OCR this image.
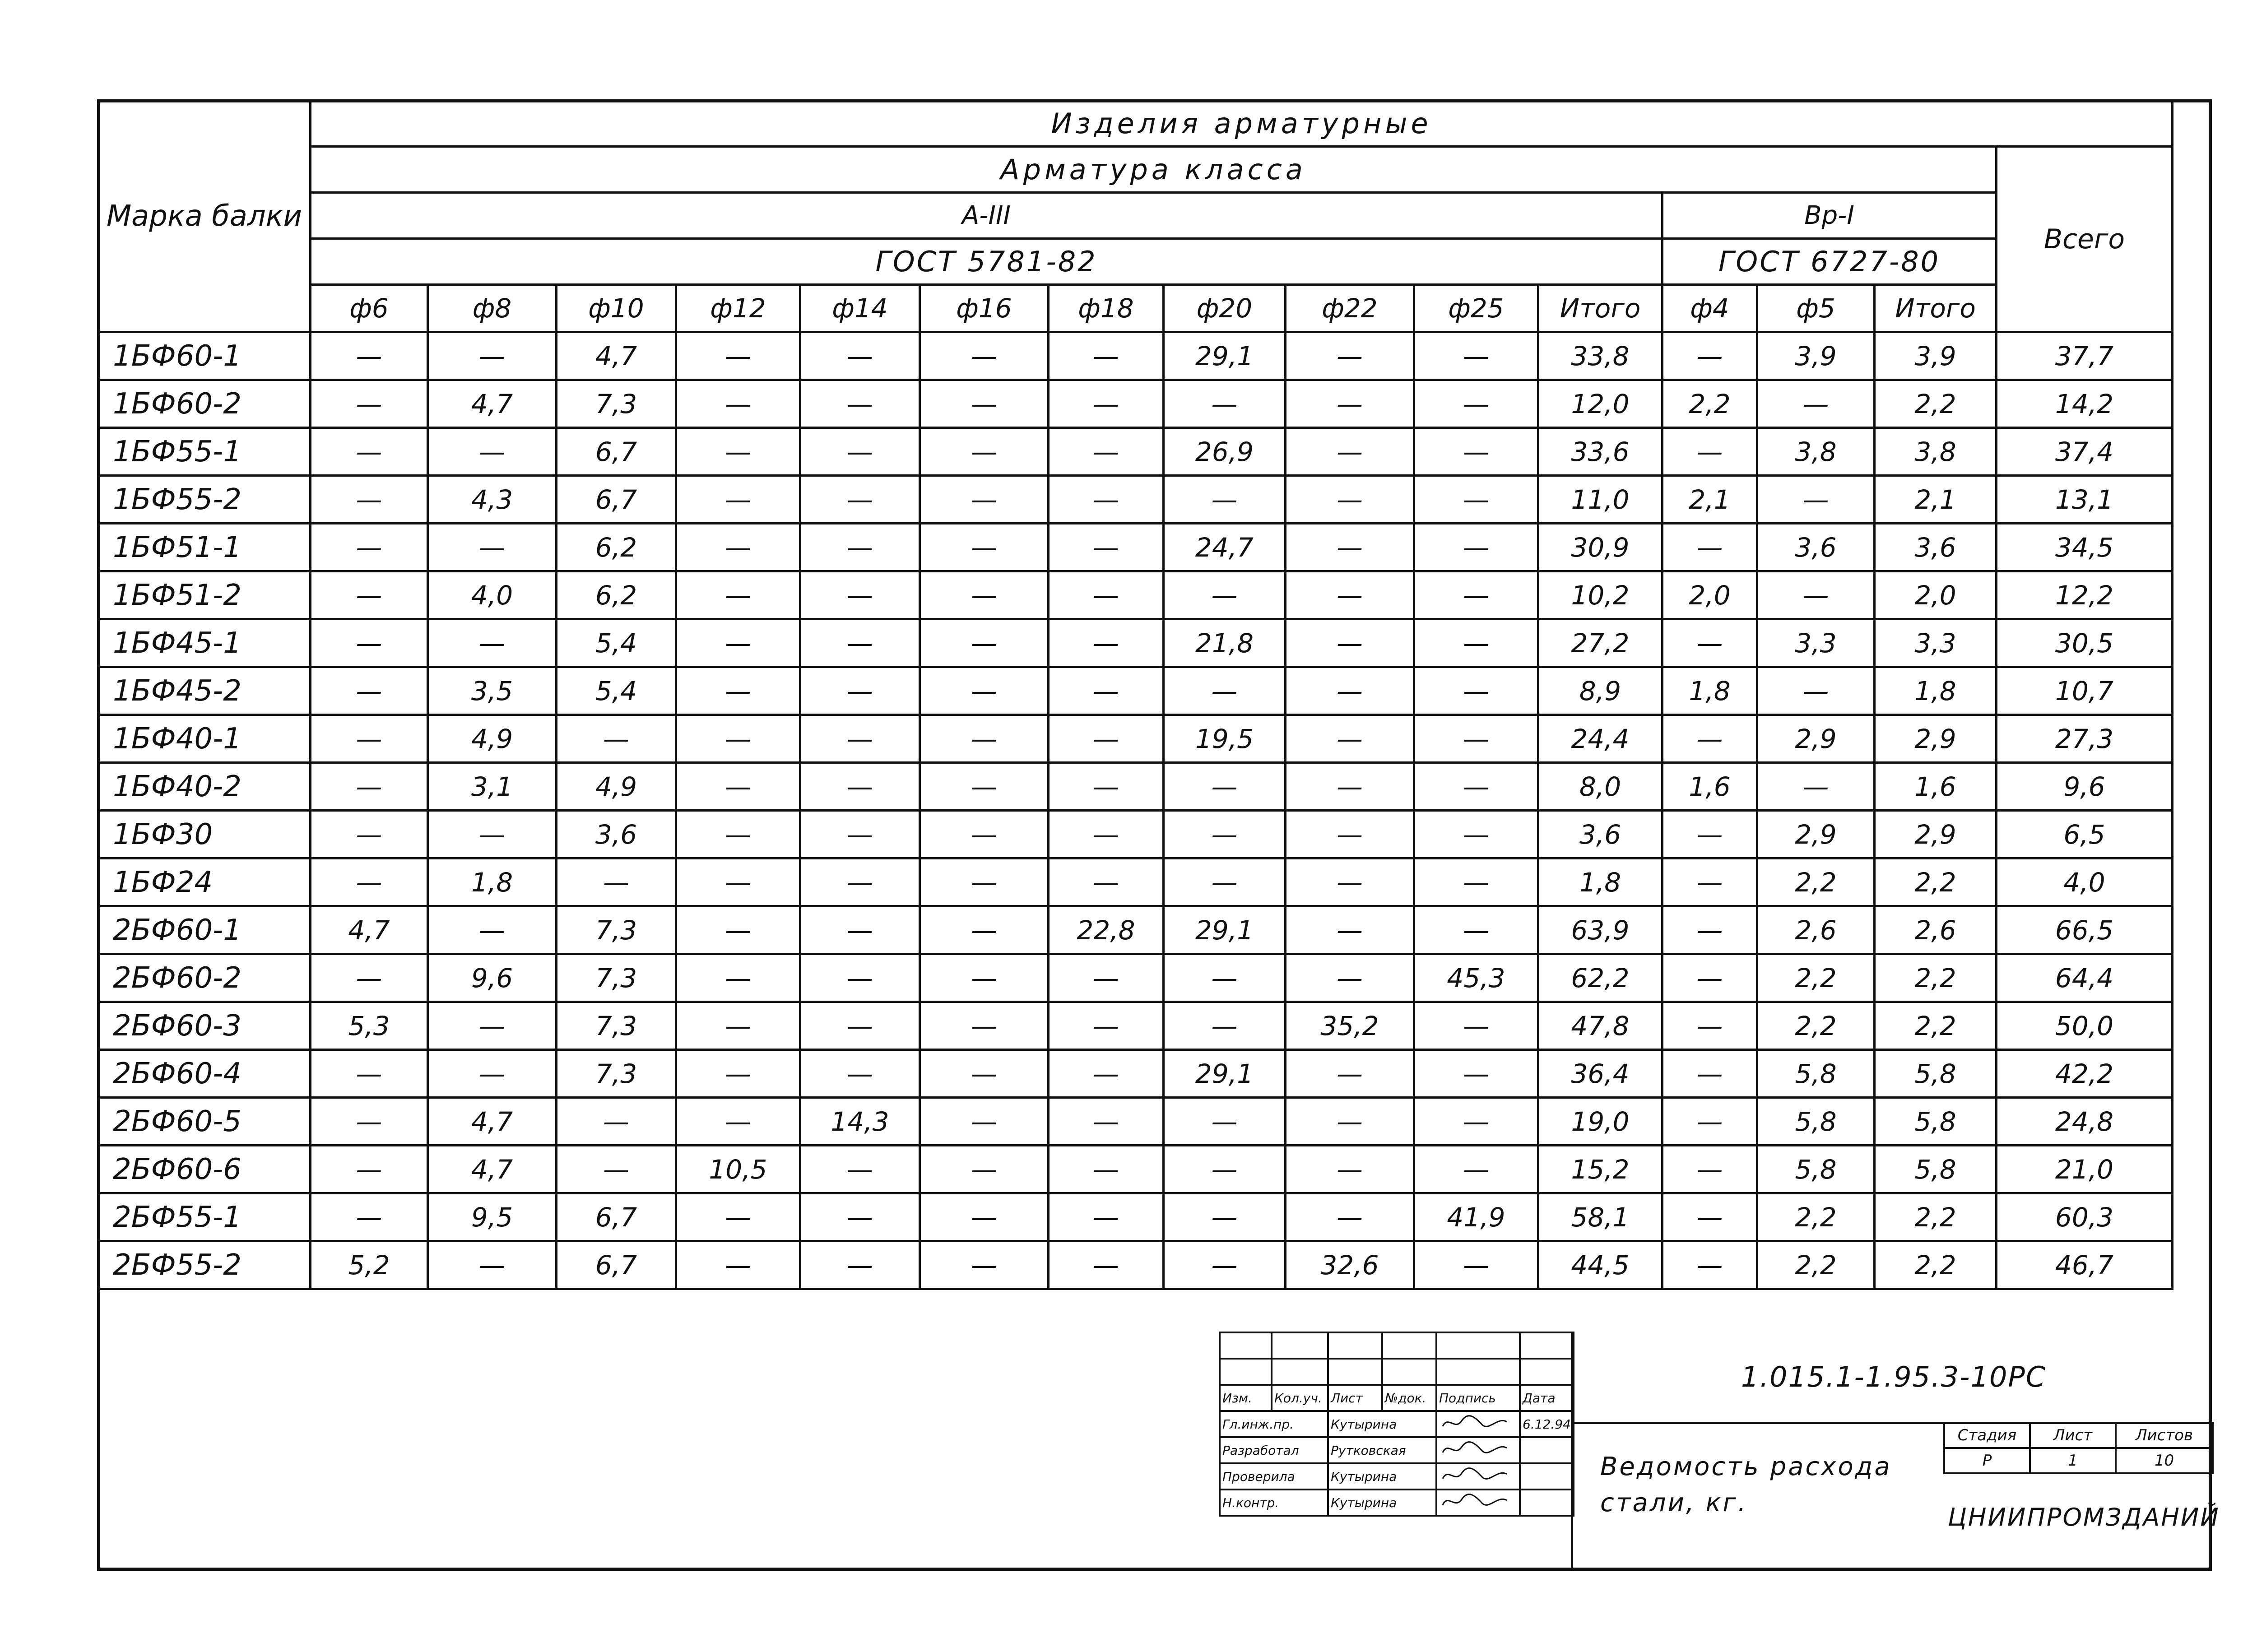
Марка балки	Изделия арматурные														
	Арматура класса														Всего
	А-III											Вр-I			
	ГОСТ 5781-82											ГОСТ 6727-80			
	ф6	ф8	ф10	ф12	ф14	ф16	ф18	ф20	ф22	ф25	Итого	ф4	ф5	Итого	
1БФ60-1	—	—	4,7	—	—	—	—	29,1	—	—	33,8	—	3,9	3,9	37,7
1БФ60-2	—	4,7	7,3	—	—	—	—	—	—	—	12,0	2,2	—	2,2	14,2
1БФ55-1	—	—	6,7	—	—	—	—	26,9	—	—	33,6	—	3,8	3,8	37,4
1БФ55-2	—	4,3	6,7	—	—	—	—	—	—	—	11,0	2,1	—	2,1	13,1
1БФ51-1	—	—	6,2	—	—	—	—	24,7	—	—	30,9	—	3,6	3,6	34,5
1БФ51-2	—	4,0	6,2	—	—	—	—	—	—	—	10,2	2,0	—	2,0	12,2
1БФ45-1	—	—	5,4	—	—	—	—	21,8	—	—	27,2	—	3,3	3,3	30,5
1БФ45-2	—	3,5	5,4	—	—	—	—	—	—	—	8,9	1,8	—	1,8	10,7
1БФ40-1	—	4,9	—	—	—	—	—	19,5	—	—	24,4	—	2,9	2,9	27,3
1БФ40-2	—	3,1	4,9	—	—	—	—	—	—	—	8,0	1,6	—	1,6	9,6
1БФ30	—	—	3,6	—	—	—	—	—	—	—	3,6	—	2,9	2,9	6,5
1БФ24	—	1,8	—	—	—	—	—	—	—	—	1,8	—	2,2	2,2	4,0
2БФ60-1	4,7	—	7,3	—	—	—	22,8	29,1	—	—	63,9	—	2,6	2,6	66,5
2БФ60-2	—	9,6	7,3	—	—	—	—	—	—	45,3	62,2	—	2,2	2,2	64,4
2БФ60-3	5,3	—	7,3	—	—	—	—	—	35,2	—	47,8	—	2,2	2,2	50,0
2БФ60-4	—	—	7,3	—	—	—	—	29,1	—	—	36,4	—	5,8	5,8	42,2
2БФ60-5	—	4,7	—	—	14,3	—	—	—	—	—	19,0	—	5,8	5,8	24,8
2БФ60-6	—	4,7	—	10,5	—	—	—	—	—	—	15,2	—	5,8	5,8	21,0
2БФ55-1	—	9,5	6,7	—	—	—	—	—	—	41,9	58,1	—	2,2	2,2	60,3
2БФ55-2	5,2	—	6,7	—	—	—	—	—	32,6	—	44,5	—	2,2	2,2	46,7

Изм.	Кол.уч.	Лист	№док.	Подпись	Дата
Гл.инж.пр.		Кутырина			6.12.94
Разработал		Рутковская		
Проверила		Кутырина		
Н.контр.		Кутырина		
1.015.1-1.95.3-10РС
Ведомость расхода стали, кг.
Стадия	Лист	Листов
Р	1	10
ЦНИИПРОМЗДАНИЙ
